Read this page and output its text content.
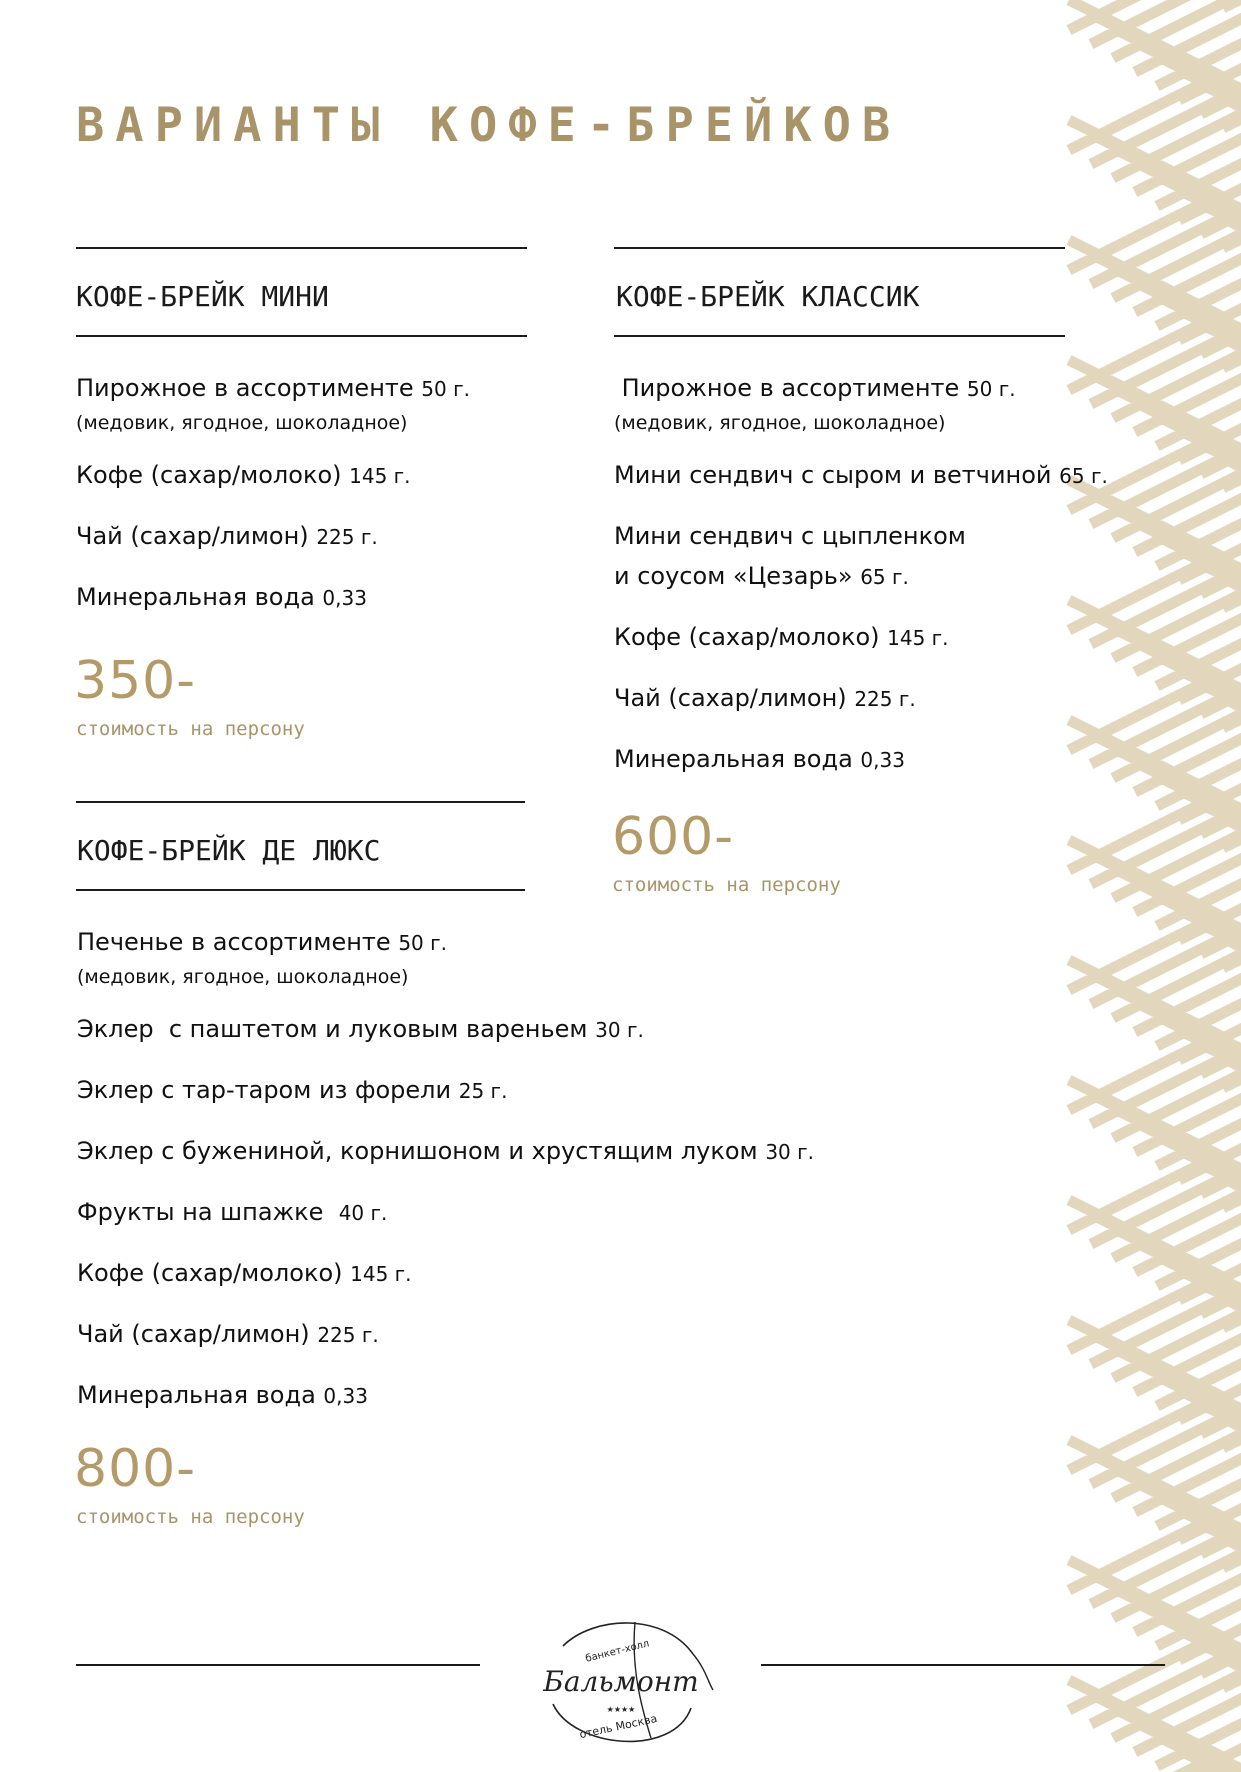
ВАРИАНТЫ КОФЕ-БРЕЙКОВ
КОФЕ-БРЕЙК МИНИ
Пирожное в ассортименте 50 г.
(медовик, ягодное, шоколадное)
Кофе (сахар/молоко) 145 г.
Чай (сахар/лимон) 225 г.
Минеральная вода 0,33
350-
стоимость на персону
КОФЕ-БРЕЙК КЛАССИК
Пирожное в ассортименте 50 г.
(медовик, ягодное, шоколадное)
Мини сендвич с сыром и ветчиной 65 г.
Мини сендвич с цыпленком
и соусом «Цезарь» 65 г.
Кофе (сахар/молоко) 145 г.
Чай (сахар/лимон) 225 г.
Минеральная вода 0,33
600-
стоимость на персону
КОФЕ-БРЕЙК ДЕ ЛЮКС
Печенье в ассортименте 50 г.
(медовик, ягодное, шоколадное)
Эклер  с паштетом и луковым вареньем 30 г.
Эклер с тар-таром из форели 25 г.
Эклер с бужениной, корнишоном и хрустящим луком 30 г.
Фрукты на шпажке  40 г.
Кофе (сахар/молоко) 145 г.
Чай (сахар/лимон) 225 г.
Минеральная вода 0,33
800-
стоимость на персону
банкет-холл
Бальмонт
★★★★
отель Москва
